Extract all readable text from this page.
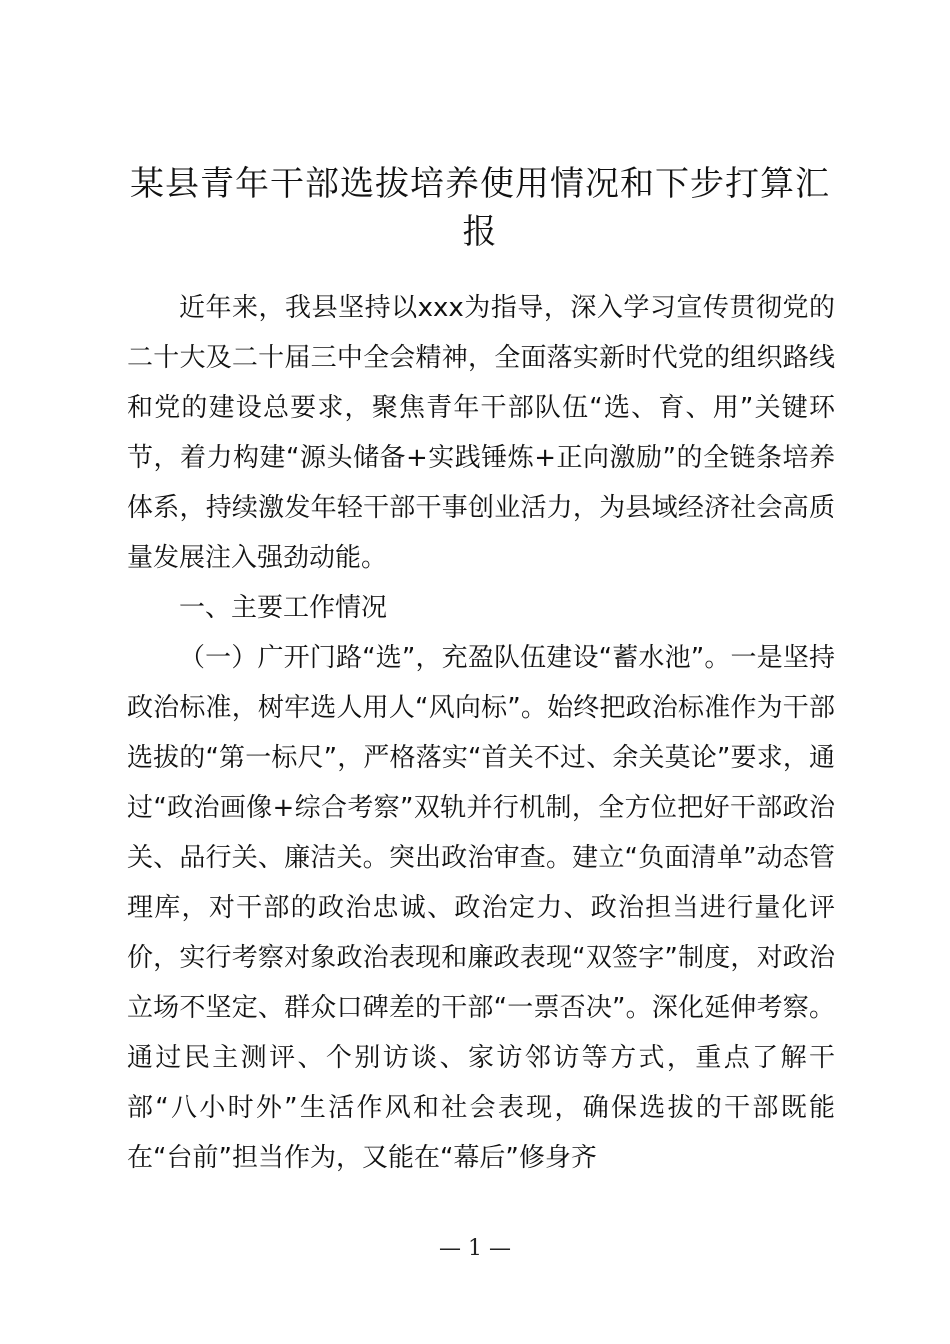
某县青年干部选拔培养使用情况和下步打算汇报

近年来，我县坚持以xxx为指导，深入学习宣传贯彻党的二十大及二十届三中全会精神，全面落实新时代党的组织路线和党的建设总要求，聚焦青年干部队伍“选、育、用”关键环节，着力构建“源头储备+实践锤炼+正向激励”的全链条培养体系，持续激发年轻干部干事创业活力，为县域经济社会高质量发展注入强劲动能。

一、主要工作情况

（一）广开门路“选”，充盈队伍建设“蓄水池”。一是坚持政治标准，树牢选人用人“风向标”。始终把政治标准作为干部选拔的“第一标尺”，严格落实“首关不过、余关莫论”要求，通过“政治画像+综合考察”双轨并行机制，全方位把好干部政治关、品行关、廉洁关。突出政治审查。建立“负面清单”动态管理库，对干部的政治忠诚、政治定力、政治担当进行量化评价，实行考察对象政治表现和廉政表现“双签字”制度，对政治立场不坚定、群众口碑差的干部“一票否决”。深化延伸考察。通过民主测评、个别访谈、家访邻访等方式，重点了解干部“八小时外”生活作风和社会表现，确保选拔的干部既能在“台前”担当作为，又能在“幕后”修身齐

— 1 —
